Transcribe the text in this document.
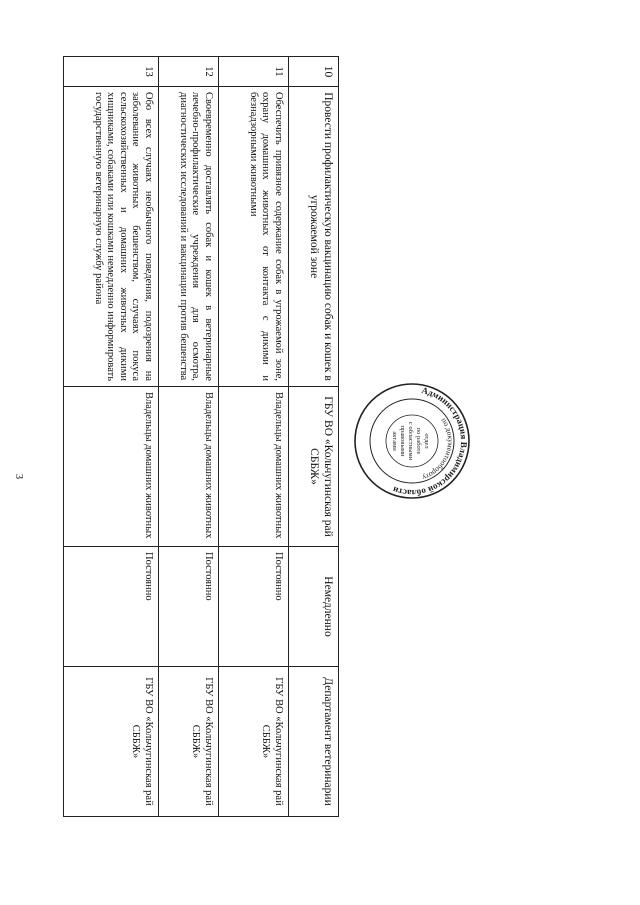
3
10	Провести профилактическую вакцинацию собак и кошек в угрожаемой зоне	ГБУ ВО «Кольчугинская рай СББЖ»	Немедленно	Департамент ветеринарии
11	Обеспечить привязное содержание собак в угрожаемой зоне, охрану домашних животных от контакта с дикими и безнадзорными животными	Владельцы домашних животных	Постоянно	ГБУ ВО «Кольчугинская рай СББЖ»
12	Своевременно доставлять собак и кошек в ветеринарные лечебно-профилактические учреждения для осмотра, диагностических исследований и вакцинации против бешенства	Владельцы домашних животных	Постоянно	ГБУ ВО «Кольчугинская рай СББЖ»
13	Обо всех случаях необычного поведения, подозрения на заболевание животных бешенством, случаях покуса сельскохозяйственных и домашних животных дикими хищниками, собаками или кошками немедленно информировать государственную ветеринарную службу района	Владельцы домашних животных	Постоянно	ГБУ ВО «Кольчугинская рай СББЖ»
Администрация Владимирской области
по документообороту
отдел
по работе
с областными
правовыми
актами
